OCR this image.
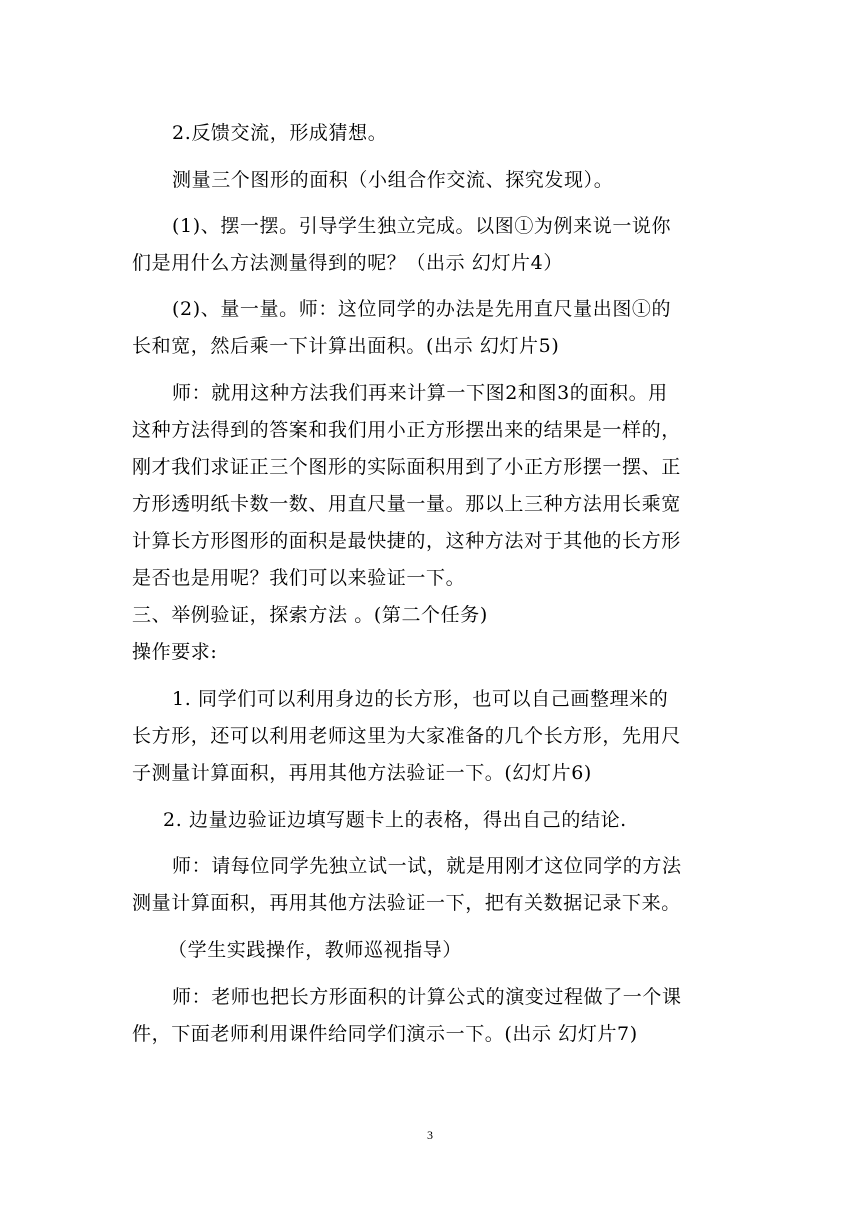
2.反馈交流，形成猜想。
测量三个图形的面积（小组合作交流、探究发现）。
(1)、摆一摆。引导学生独立完成。以图①为例来说一说你
们是用什么方法测量得到的呢？（出示 幻灯片4）
(2)、量一量。师：这位同学的办法是先用直尺量出图①的
长和宽，然后乘一下计算出面积。(出示 幻灯片5)
师：就用这种方法我们再来计算一下图2和图3的面积。用
这种方法得到的答案和我们用小正方形摆出来的结果是一样的，
刚才我们求证正三个图形的实际面积用到了小正方形摆一摆、正
方形透明纸卡数一数、用直尺量一量。那以上三种方法用长乘宽
计算长方形图形的面积是最快捷的，这种方法对于其他的长方形
是否也是用呢？我们可以来验证一下。
三、举例验证，探索方法 。(第二个任务)
操作要求:
1. 同学们可以利用身边的长方形，也可以自己画整理米的
长方形，还可以利用老师这里为大家准备的几个长方形，先用尺
子测量计算面积，再用其他方法验证一下。(幻灯片6)
2. 边量边验证边填写题卡上的表格，得出自己的结论.
师：请每位同学先独立试一试，就是用刚才这位同学的方法
测量计算面积，再用其他方法验证一下，把有关数据记录下来。
（学生实践操作，教师巡视指导）
师：老师也把长方形面积的计算公式的演变过程做了一个课
件，下面老师利用课件给同学们演示一下。(出示 幻灯片7)
3
